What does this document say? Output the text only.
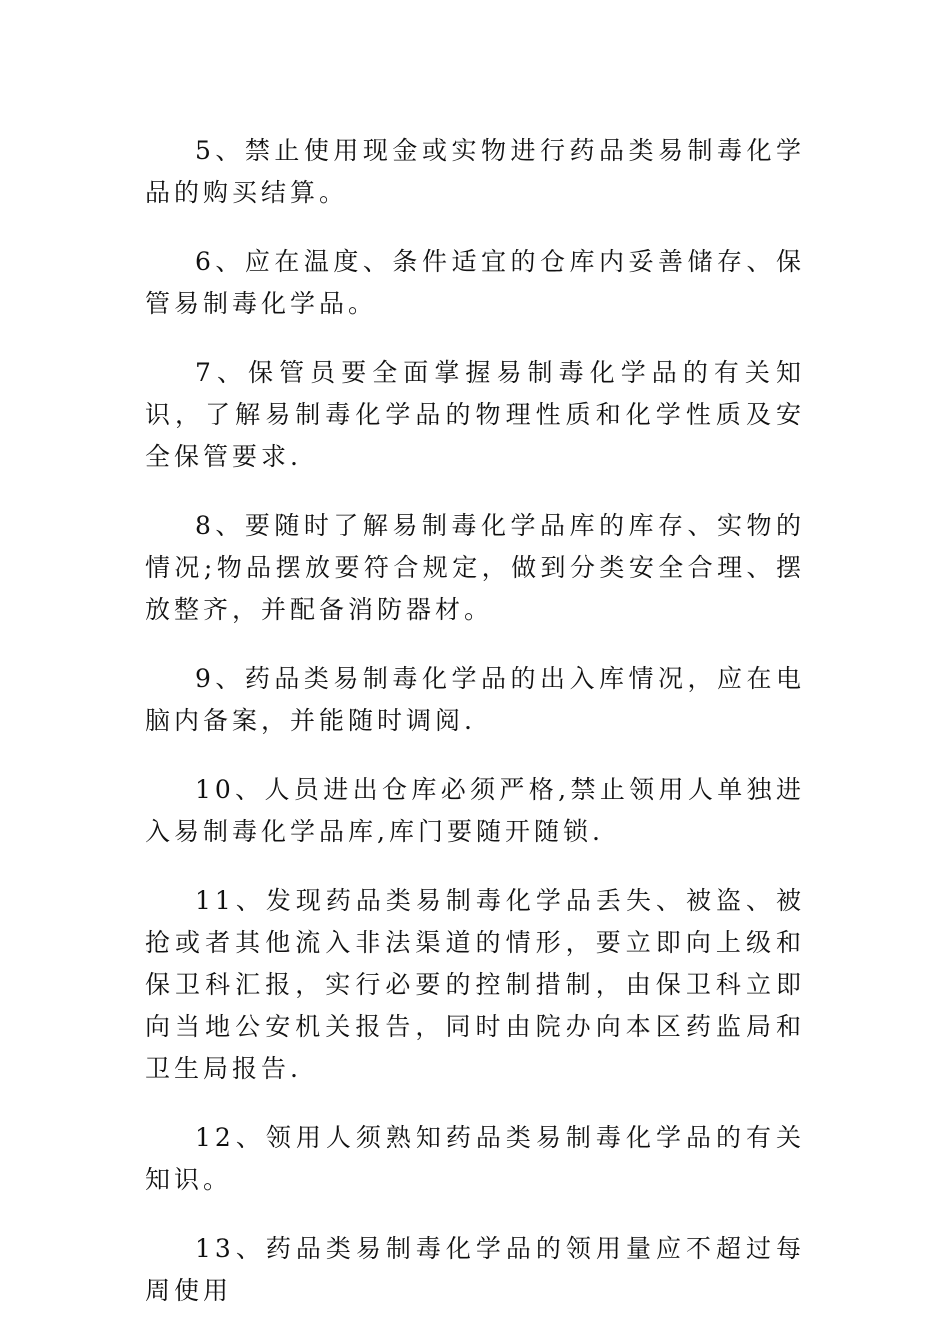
5、禁止使用现金或实物进行药品类易制毒化学品的购买结算。

6、应在温度、条件适宜的仓库内妥善储存、保管易制毒化学品。

7、保管员要全面掌握易制毒化学品的有关知识，了解易制毒化学品的物理性质和化学性质及安全保管要求.

8、要随时了解易制毒化学品库的库存、实物的情况;物品摆放要符合规定，做到分类安全合理、摆放整齐，并配备消防器材。

9、药品类易制毒化学品的出入库情况，应在电脑内备案，并能随时调阅.

10、人员进出仓库必须严格,禁止领用人单独进入易制毒化学品库,库门要随开随锁.

11、发现药品类易制毒化学品丢失、被盗、被抢或者其他流入非法渠道的情形，要立即向上级和保卫科汇报，实行必要的控制措制，由保卫科立即向当地公安机关报告，同时由院办向本区药监局和卫生局报告.

12、领用人须熟知药品类易制毒化学品的有关知识。

13、药品类易制毒化学品的领用量应不超过每周使用
